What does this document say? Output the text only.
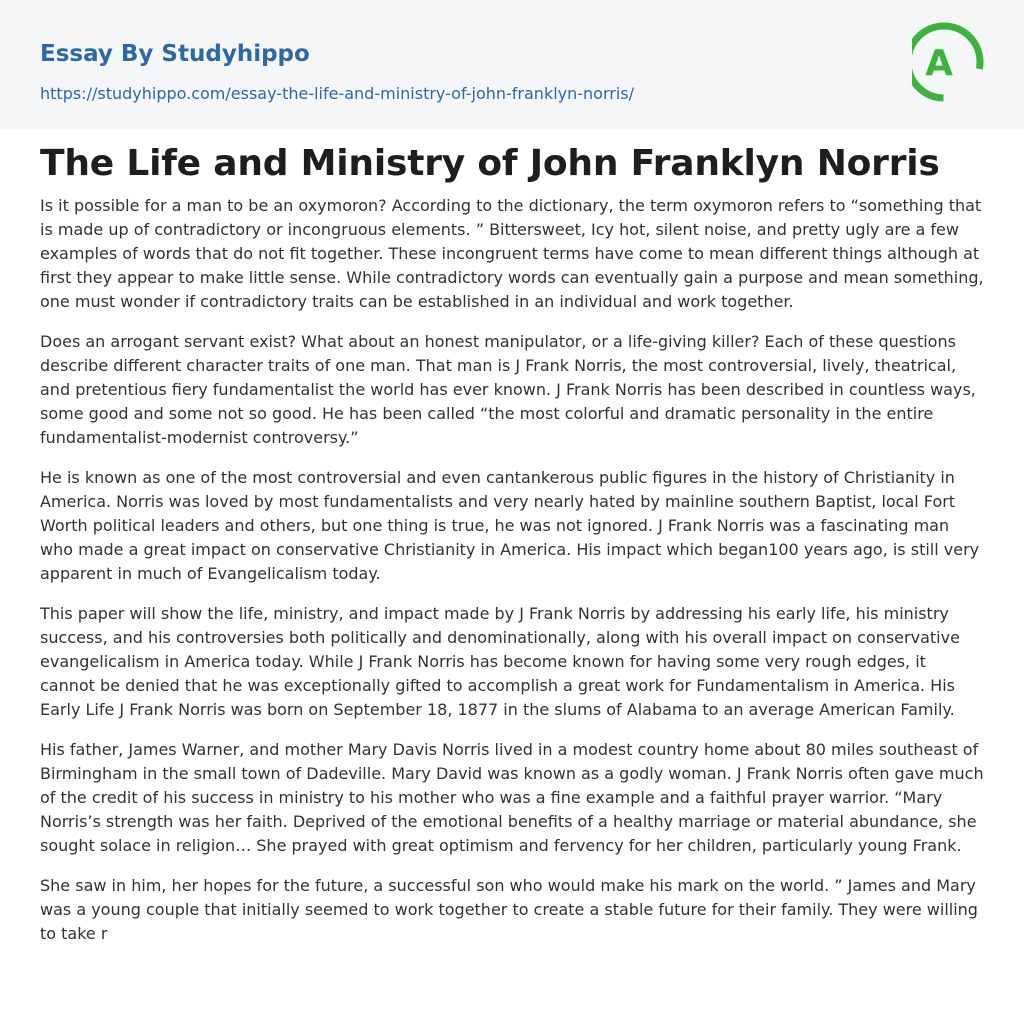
Essay By Studyhippo
https://studyhippo.com/essay-the-life-and-ministry-of-john-franklyn-norris/
A
The Life and Ministry of John Franklyn Norris

Is it possible for a man to be an oxymoron? According to the dictionary, the term oxymoron refers to “something that is made up of contradictory or incongruous elements. ” Bittersweet, Icy hot, silent noise, and pretty ugly are a few examples of words that do not fit together. These incongruent terms have come to mean different things although at first they appear to make little sense. While contradictory words can eventually gain a purpose and mean something, one must wonder if contradictory traits can be established in an individual and work together.

Does an arrogant servant exist? What about an honest manipulator, or a life-giving killer? Each of these questions describe different character traits of one man. That man is J Frank Norris, the most controversial, lively, theatrical, and pretentious fiery fundamentalist the world has ever known. J Frank Norris has been described in countless ways, some good and some not so good. He has been called “the most colorful and dramatic personality in the entire fundamentalist-modernist controversy.”

He is known as one of the most controversial and even cantankerous public figures in the history of Christianity in America. Norris was loved by most fundamentalists and very nearly hated by mainline southern Baptist, local Fort Worth political leaders and others, but one thing is true, he was not ignored. J Frank Norris was a fascinating man who made a great impact on conservative Christianity in America. His impact which began100 years ago, is still very apparent in much of Evangelicalism today.

This paper will show the life, ministry, and impact made by J Frank Norris by addressing his early life, his ministry success, and his controversies both politically and denominationally, along with his overall impact on conservative evangelicalism in America today. While J Frank Norris has become known for having some very rough edges, it cannot be denied that he was exceptionally gifted to accomplish a great work for Fundamentalism in America. His Early Life J Frank Norris was born on September 18, 1877 in the slums of Alabama to an average American Family.

His father, James Warner, and mother Mary Davis Norris lived in a modest country home about 80 miles southeast of Birmingham in the small town of Dadeville. Mary David was known as a godly woman. J Frank Norris often gave much of the credit of his success in ministry to his mother who was a fine example and a faithful prayer warrior. “Mary Norris’s strength was her faith. Deprived of the emotional benefits of a healthy marriage or material abundance, she sought solace in religion… She prayed with great optimism and fervency for her children, particularly young Frank.

She saw in him, her hopes for the future, a successful son who would make his mark on the world. ” James and Mary was a young couple that initially seemed to work together to create a stable future for their family. They were willing to take r
